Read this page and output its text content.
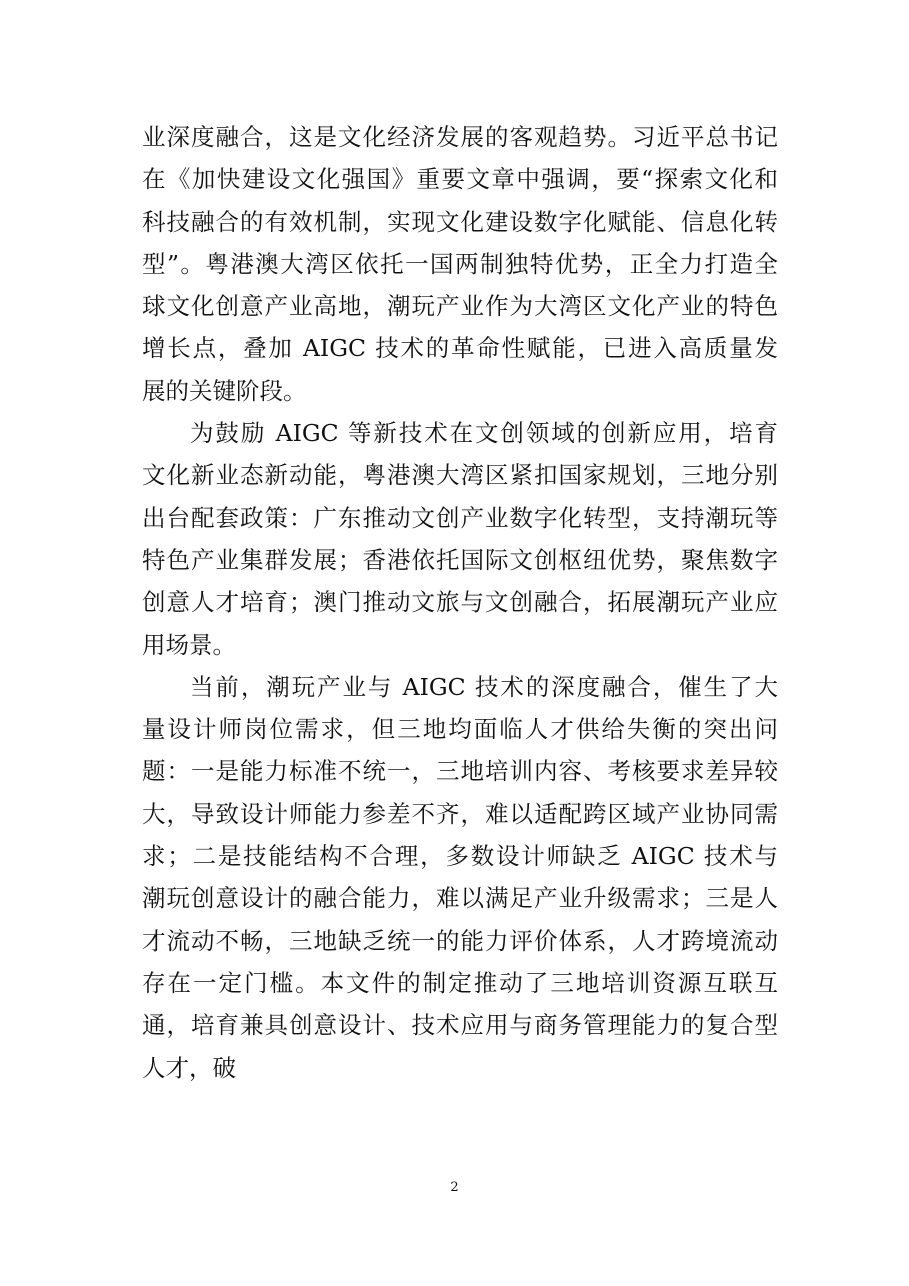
业深度融合，这是文化经济发展的客观趋势。习近平总书记
在《加快建设文化强国》重要文章中强调，要“探索文化和
科技融合的有效机制，实现文化建设数字化赋能、信息化转
型”。粤港澳大湾区依托一国两制独特优势，正全力打造全
球文化创意产业高地，潮玩产业作为大湾区文化产业的特色
增长点，叠加 AIGC 技术的革命性赋能，已进入高质量发
展的关键阶段。
为鼓励 AIGC 等新技术在文创领域的创新应用，培育
文化新业态新动能，粤港澳大湾区紧扣国家规划，三地分别
出台配套政策：广东推动文创产业数字化转型，支持潮玩等
特色产业集群发展；香港依托国际文创枢纽优势，聚焦数字
创意人才培育；澳门推动文旅与文创融合，拓展潮玩产业应
用场景。
当前，潮玩产业与 AIGC 技术的深度融合，催生了大
量设计师岗位需求，但三地均面临人才供给失衡的突出问
题：一是能力标准不统一，三地培训内容、考核要求差异较
大，导致设计师能力参差不齐，难以适配跨区域产业协同需
求；二是技能结构不合理，多数设计师缺乏 AIGC 技术与
潮玩创意设计的融合能力，难以满足产业升级需求；三是人
才流动不畅，三地缺乏统一的能力评价体系，人才跨境流动
存在一定门槛。本文件的制定推动了三地培训资源互联互
通，培育兼具创意设计、技术应用与商务管理能力的复合型
人才，破
2
